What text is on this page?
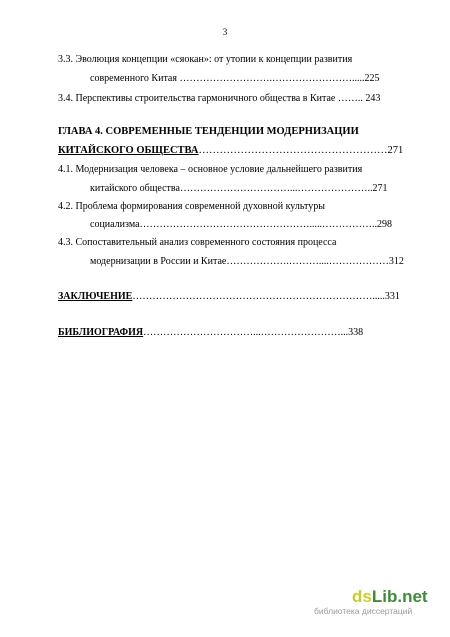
3
3.3. Эволюция концепции «сяокан»: от утопии к концепции развития
современного Китая ……………………….…………………….....225
3.4. Перспективы строительства гармоничного общества в Китае …….. 243
ГЛАВА 4. СОВРЕМЕННЫЕ ТЕНДЕНЦИИ МОДЕРНИЗАЦИИ
КИТАЙСКОГО ОБЩЕСТВА………………………………………………271
4.1. Модернизация человека – основное условие дальнейшего развития
китайского общества……………………………...…………………..271
4.2. Проблема формирования современной духовной культуры
социализма…………………………………………….....……………..298
4.3. Сопоставительный анализ современного состояния процесса
модернизации в России и Китае……………….………....………………312
ЗАКЛЮЧЕНИЕ……………………………………………………………….....331
БИБЛИОГРАФИЯ……………………………...……………………...338
dsLib.net
библиотека диссертаций
